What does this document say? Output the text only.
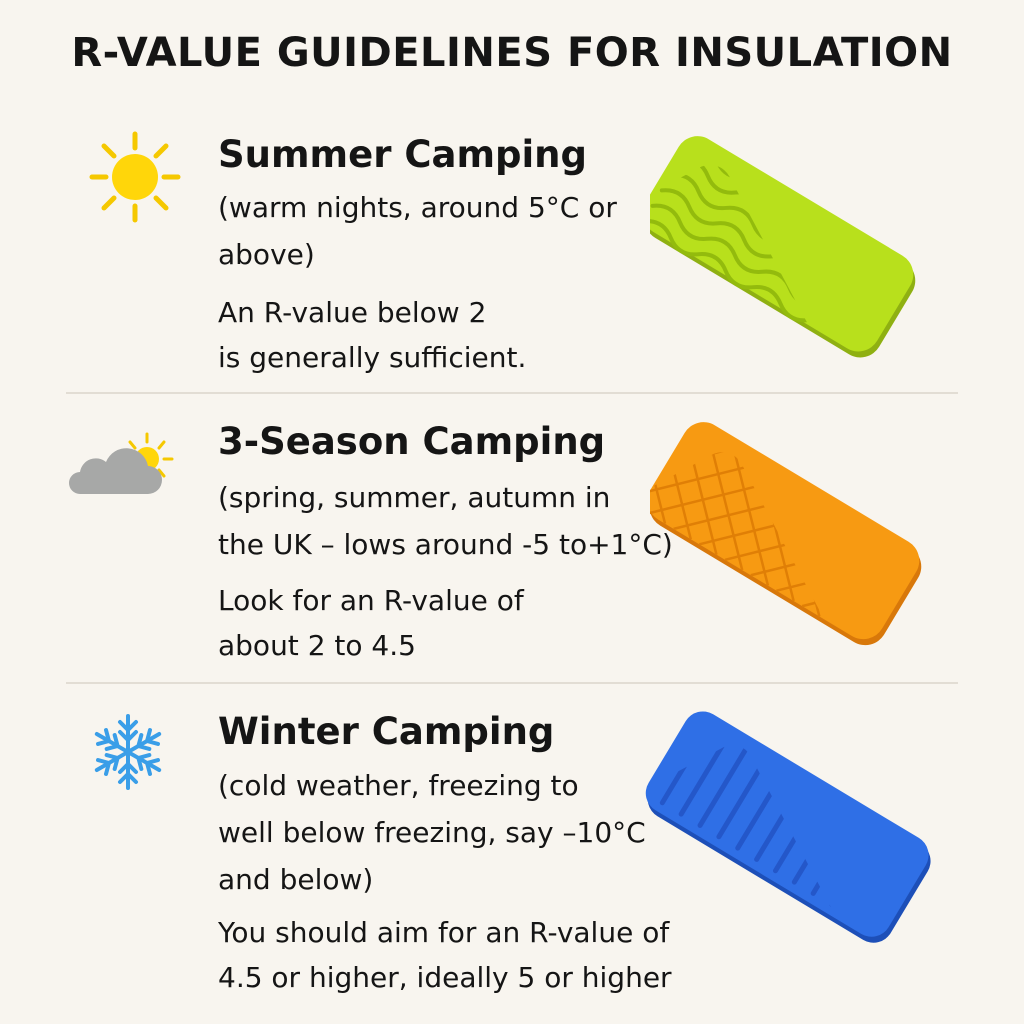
R-VALUE GUIDELINES FOR INSULATION
Summer Camping

(warm nights, around 5°C or
above)

An R-value below 2
is generally sufficient.

3-Season Camping

(spring, summer, autumn in
the UK – lows around -5 to+1°C)

Look for an R-value of
about 2 to 4.5

Winter Camping

(cold weather, freezing to
well below freezing, say –10°C
and below)

You should aim for an R-value of
4.5 or higher, ideally 5 or higher
